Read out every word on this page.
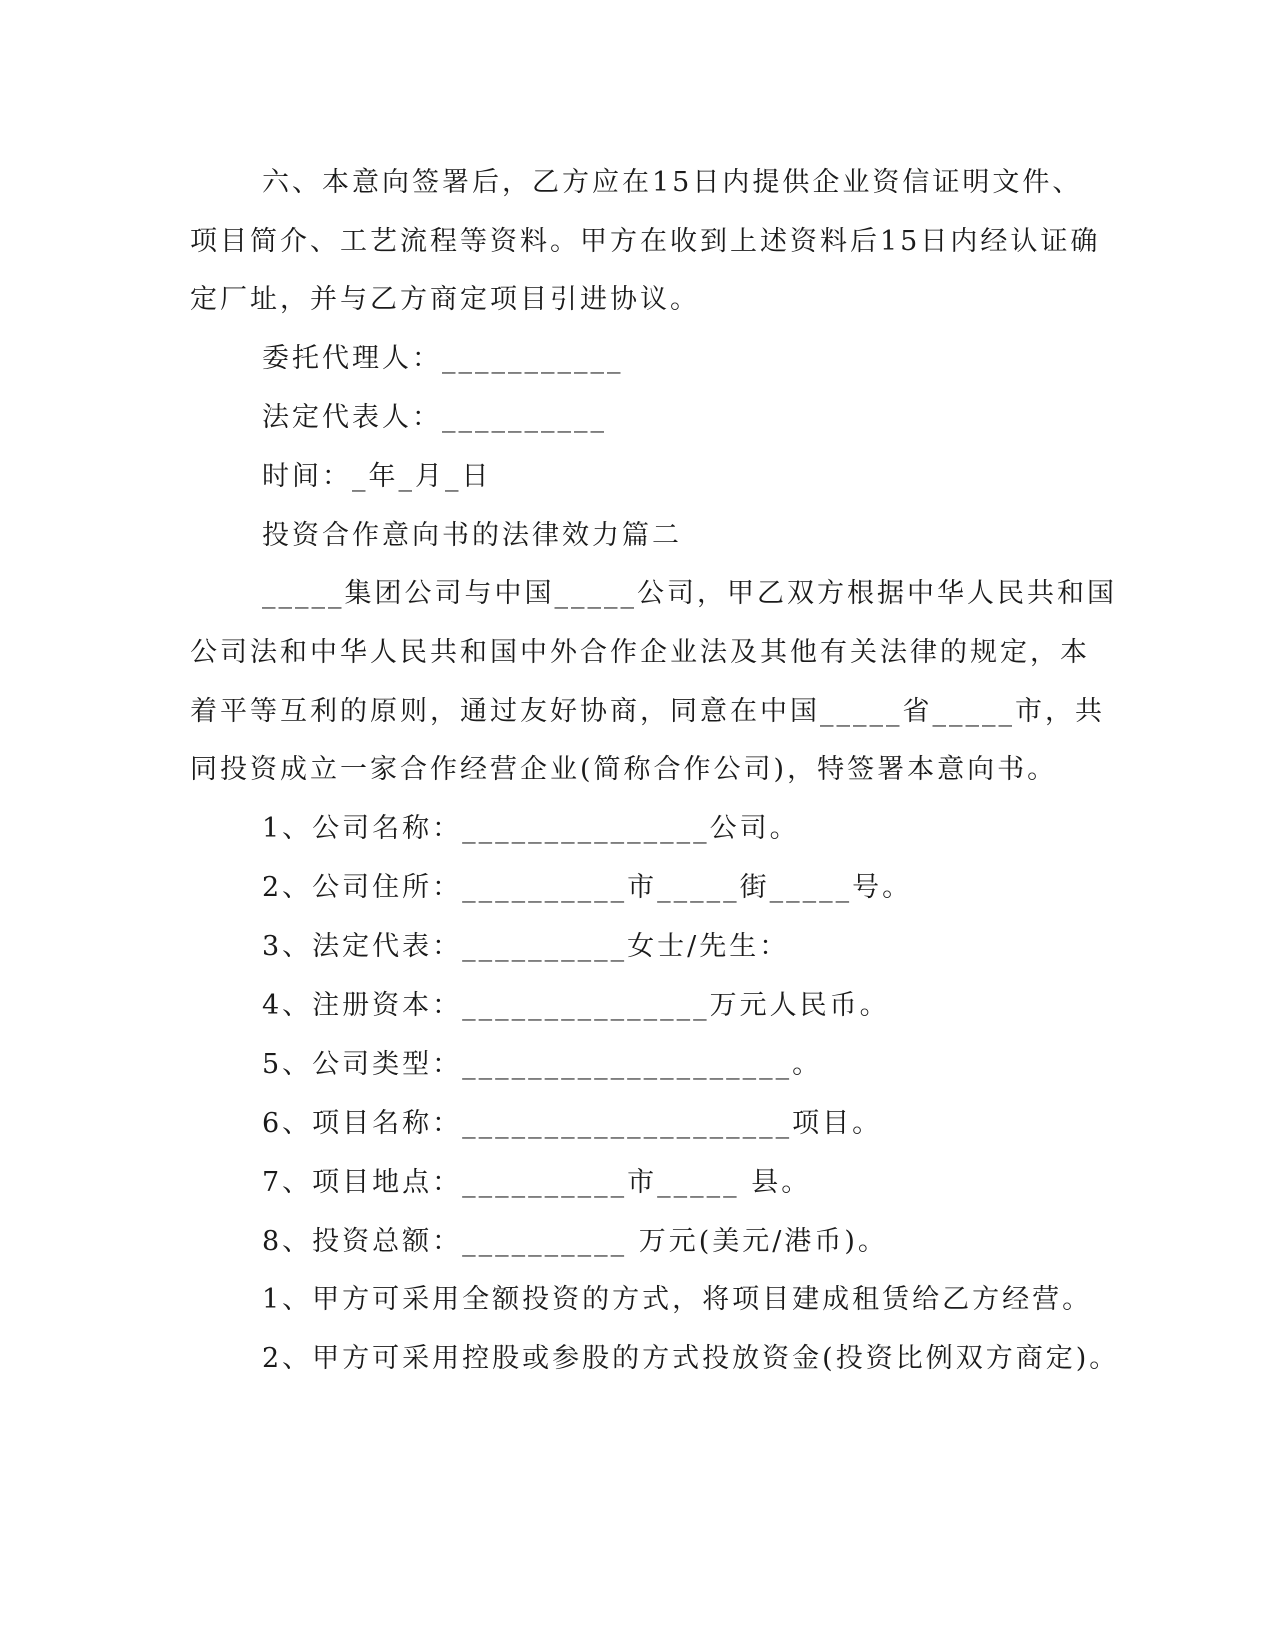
六、本意向签署后，乙方应在15日内提供企业资信证明文件、
项目简介、工艺流程等资料。甲方在收到上述资料后15日内经认证确
定厂址，并与乙方商定项目引进协议。
委托代理人：___________
法定代表人：__________
时间：_年_月_日
投资合作意向书的法律效力篇二
_____集团公司与中国_____公司，甲乙双方根据中华人民共和国
公司法和中华人民共和国中外合作企业法及其他有关法律的规定，本
着平等互利的原则，通过友好协商，同意在中国_____省_____市，共
同投资成立一家合作经营企业(简称合作公司)，特签署本意向书。
1、公司名称：_______________公司。
2、公司住所：__________市_____街_____号。
3、法定代表：__________女士/先生：
4、注册资本：_______________万元人民币。
5、公司类型：____________________。
6、项目名称：____________________项目。
7、项目地点：__________市_____ 县。
8、投资总额：__________ 万元(美元/港币)。
1、甲方可采用全额投资的方式，将项目建成租赁给乙方经营。
2、甲方可采用控股或参股的方式投放资金(投资比例双方商定)。
